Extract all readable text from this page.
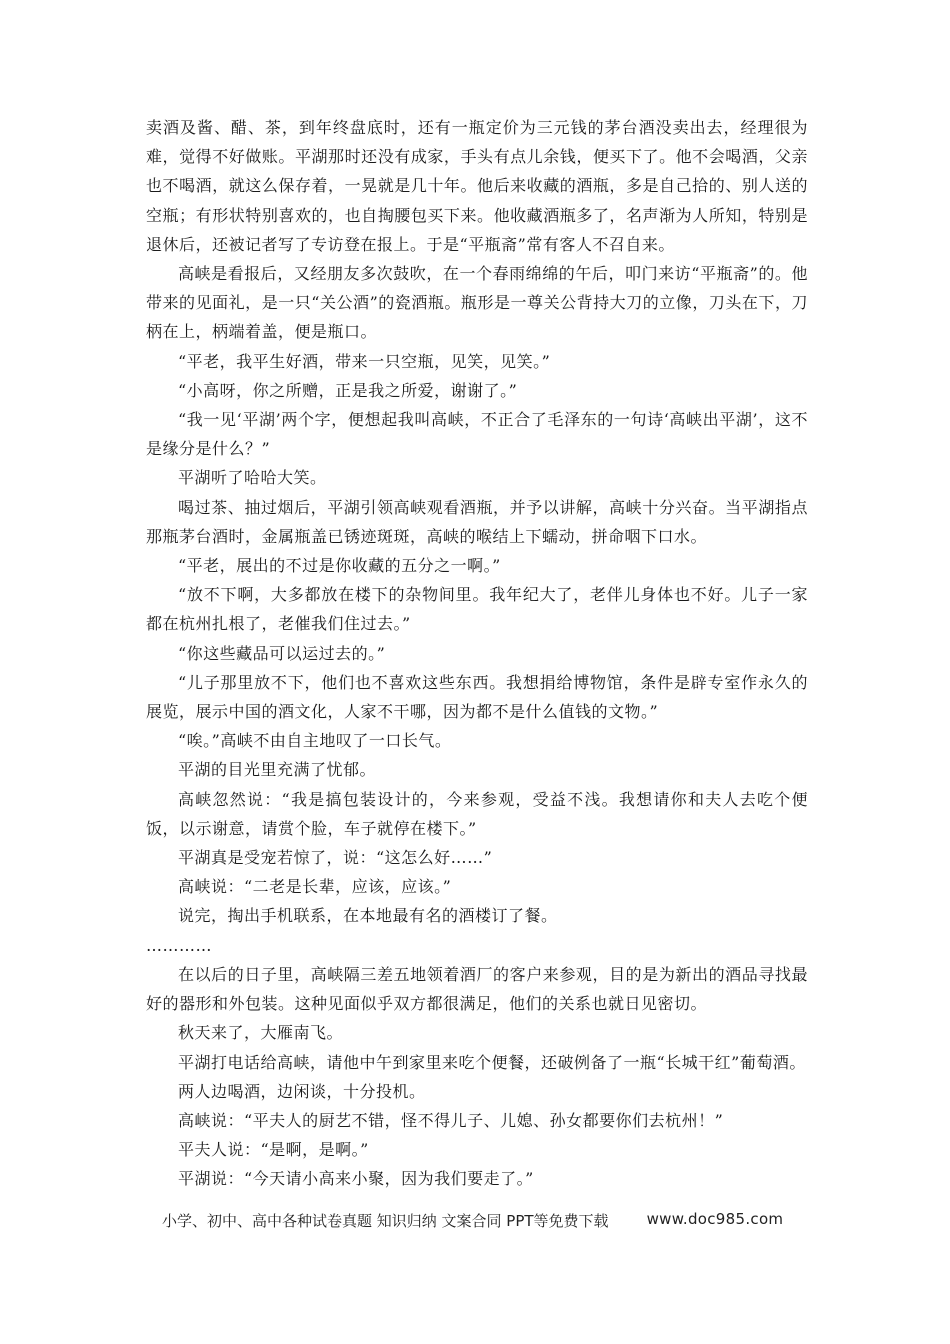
卖酒及酱、醋、茶，到年终盘底时，还有一瓶定价为三元钱的茅台酒没卖出去，经理很为难，觉得不好做账。平湖那时还没有成家，手头有点儿余钱，便买下了。他不会喝酒，父亲也不喝酒，就这么保存着，一晃就是几十年。他后来收藏的酒瓶，多是自己拾的、别人送的空瓶；有形状特别喜欢的，也自掏腰包买下来。他收藏酒瓶多了，名声渐为人所知，特别是退休后，还被记者写了专访登在报上。于是“平瓶斋”常有客人不召自来。

高峡是看报后，又经朋友多次鼓吹，在一个春雨绵绵的午后，叩门来访“平瓶斋”的。他带来的见面礼，是一只“关公酒”的瓷酒瓶。瓶形是一尊关公背持大刀的立像，刀头在下，刀柄在上，柄端着盖，便是瓶口。

“平老，我平生好酒，带来一只空瓶，见笑，见笑。”

“小高呀，你之所赠，正是我之所爱，谢谢了。”

“我一见‘平湖’两个字，便想起我叫高峡，不正合了毛泽东的一句诗‘高峡出平湖’，这不是缘分是什么？”

平湖听了哈哈大笑。

喝过茶、抽过烟后，平湖引领高峡观看酒瓶，并予以讲解，高峡十分兴奋。当平湖指点那瓶茅台酒时，金属瓶盖已锈迹斑斑，高峡的喉结上下蠕动，拼命咽下口水。

“平老，展出的不过是你收藏的五分之一啊。”

“放不下啊，大多都放在楼下的杂物间里。我年纪大了，老伴儿身体也不好。儿子一家都在杭州扎根了，老催我们住过去。”

“你这些藏品可以运过去的。”

“儿子那里放不下，他们也不喜欢这些东西。我想捐给博物馆，条件是辟专室作永久的展览，展示中国的酒文化，人家不干哪，因为都不是什么值钱的文物。”

“唉。”高峡不由自主地叹了一口长气。

平湖的目光里充满了忧郁。

高峡忽然说：“我是搞包装设计的，今来参观，受益不浅。我想请你和夫人去吃个便饭，以示谢意，请赏个脸，车子就停在楼下。”

平湖真是受宠若惊了，说：“这怎么好……”

高峡说：“二老是长辈，应该，应该。”

说完，掏出手机联系，在本地最有名的酒楼订了餐。

…………

在以后的日子里，高峡隔三差五地领着酒厂的客户来参观，目的是为新出的酒品寻找最好的器形和外包装。这种见面似乎双方都很满足，他们的关系也就日见密切。

秋天来了，大雁南飞。

平湖打电话给高峡，请他中午到家里来吃个便餐，还破例备了一瓶“长城干红”葡萄酒。

两人边喝酒，边闲谈，十分投机。

高峡说：“平夫人的厨艺不错，怪不得儿子、儿媳、孙女都要你们去杭州！”

平夫人说：“是啊，是啊。”

平湖说：“今天请小高来小聚，因为我们要走了。”

小学、初中、高中各种试卷真题 知识归纳 文案合同 PPT等免费下载	www.doc985.com
